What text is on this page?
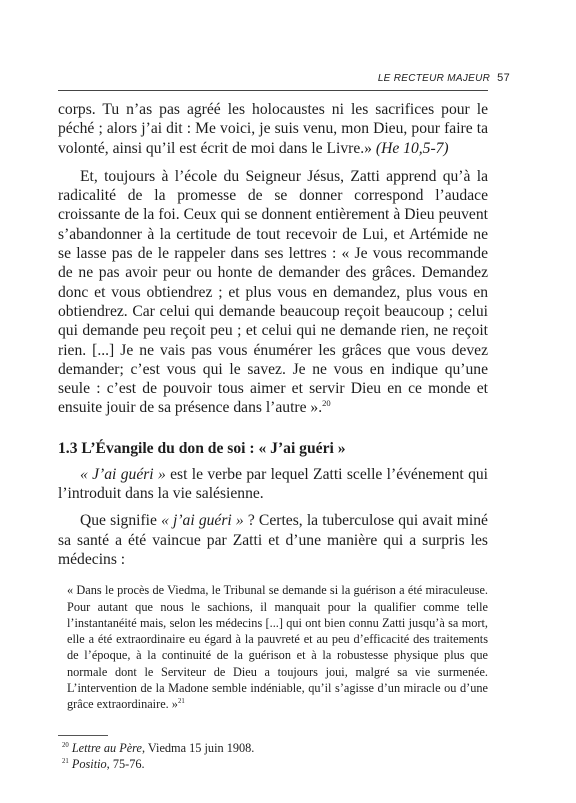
LE RECTEUR MAJEUR 57

corps. Tu n’as pas agréé les holocaustes ni les sacrifices pour le péché ; alors j’ai dit : Me voici, je suis venu, mon Dieu, pour faire ta volonté, ainsi qu’il est écrit de moi dans le Livre.» (He 10,5-7)

Et, toujours à l’école du Seigneur Jésus, Zatti apprend qu’à la radicalité de la promesse de se donner correspond l’audace croissante de la foi. Ceux qui se donnent entièrement à Dieu peuvent s’abandonner à la certitude de tout recevoir de Lui, et Artémide ne se lasse pas de le rappeler dans ses lettres : « Je vous recommande de ne pas avoir peur ou honte de demander des grâces. Demandez donc et vous obtiendrez ; et plus vous en demandez, plus vous en obtiendrez. Car celui qui demande beaucoup reçoit beaucoup ; celui qui demande peu reçoit peu ; et celui qui ne demande rien, ne reçoit rien. [...] Je ne vais pas vous énumérer les grâces que vous devez demander; c’est vous qui le savez. Je ne vous en indique qu’une seule : c’est de pouvoir tous aimer et servir Dieu en ce monde et ensuite jouir de sa présence dans l’autre ».$^{20}$

1.3 L’Évangile du don de soi : « J’ai guéri »

« J’ai guéri » est le verbe par lequel Zatti scelle l’événement qui l’introduit dans la vie salésienne.

Que signifie « j’ai guéri » ? Certes, la tuberculose qui avait miné sa santé a été vaincue par Zatti et d’une manière qui a surpris les médecins :

« Dans le procès de Viedma, le Tribunal se demande si la guérison a été miraculeuse. Pour autant que nous le sachions, il manquait pour la qualifier comme telle l’instantanéité mais, selon les médecins [...] qui ont bien connu Zatti jusqu’à sa mort, elle a été extraordinaire eu égard à la pauvreté et au peu d’efficacité des traitements de l’époque, à la continuité de la guérison et à la robustesse physique plus que normale dont le Serviteur de Dieu a toujours joui, malgré sa vie surmenée. L’intervention de la Madone semble indéniable, qu’il s’agisse d’un miracle ou d’une grâce extraordinaire. »$^{21}$

$^{20}$ Lettre au Père, Viedma 15 juin 1908.
$^{21}$ Positio, 75-76.
